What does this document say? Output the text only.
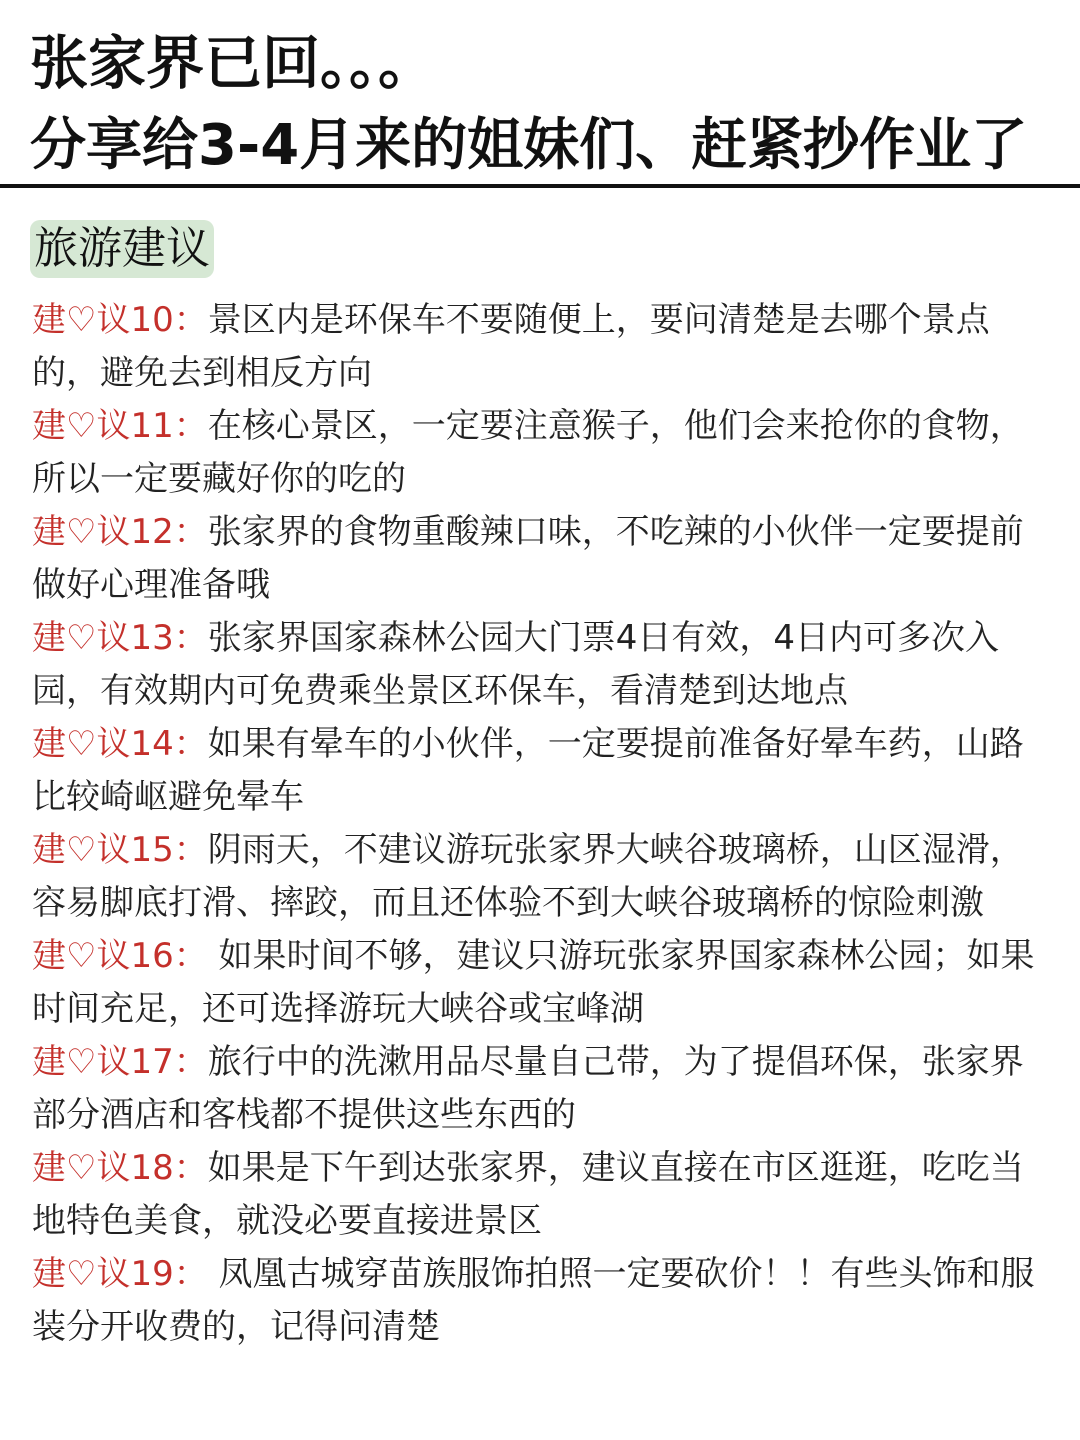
张家界已回。。。
分享给3-4月来的姐妹们、赶紧抄作业了
旅游建议
建♡议10：景区内是环保车不要随便上，要问清楚是去哪个景点的，避免去到相反方向
建♡议11：在核心景区，一定要注意猴子，他们会来抢你的食物，所以一定要藏好你的吃的
建♡议12：张家界的食物重酸辣口味，不吃辣的小伙伴一定要提前做好心理准备哦
建♡议13：张家界国家森林公园大门票4日有效，4日内可多次入园，有效期内可免费乘坐景区环保车，看清楚到达地点
建♡议14：如果有晕车的小伙伴，一定要提前准备好晕车药，山路比较崎岖避免晕车
建♡议15：阴雨天，不建议游玩张家界大峡谷玻璃桥，山区湿滑，容易脚底打滑、摔跤，而且还体验不到大峡谷玻璃桥的惊险刺激
建♡议16： 如果时间不够，建议只游玩张家界国家森林公园；如果时间充足，还可选择游玩大峡谷或宝峰湖
建♡议17：旅行中的洗漱用品尽量自己带，为了提倡环保，张家界部分酒店和客栈都不提供这些东西的
建♡议18：如果是下午到达张家界，建议直接在市区逛逛，吃吃当地特色美食，就没必要直接进景区
建♡议19： 凤凰古城穿苗族服饰拍照一定要砍价！！有些头饰和服装分开收费的，记得问清楚
